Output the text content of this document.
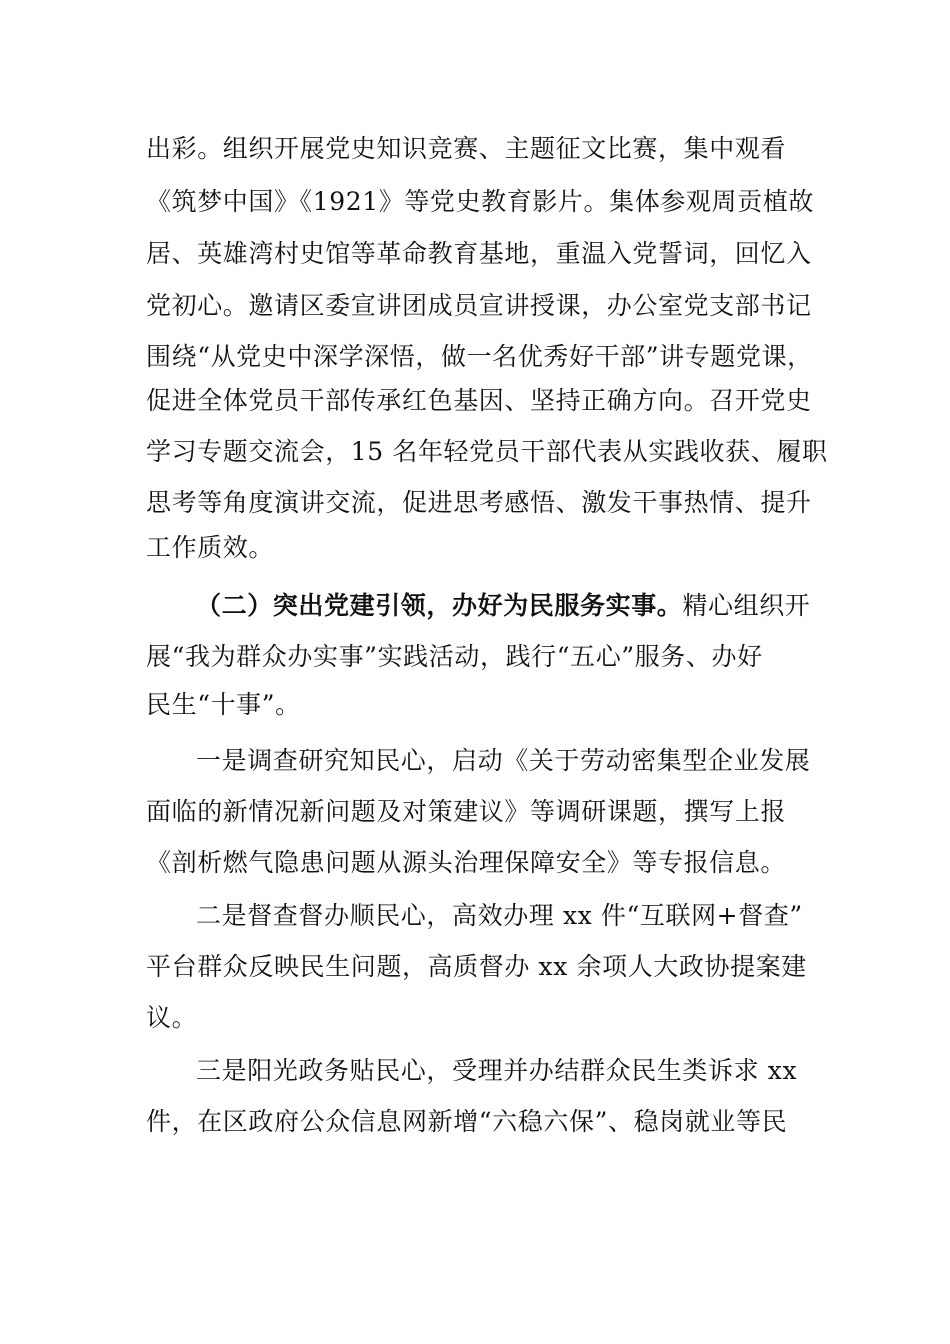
出彩。组织开展党史知识竞赛、主题征文比赛，集中观看
《筑梦中国》《1921》等党史教育影片。集体参观周贡植故
居、英雄湾村史馆等革命教育基地，重温入党誓词，回忆入
党初心。邀请区委宣讲团成员宣讲授课，办公室党支部书记
围绕“从党史中深学深悟，做一名优秀好干部”讲专题党课，
促进全体党员干部传承红色基因、坚持正确方向。召开党史
学习专题交流会，15 名年轻党员干部代表从实践收获、履职
思考等角度演讲交流，促进思考感悟、激发干事热情、提升
工作质效。
（二）突出党建引领，办好为民服务实事。精心组织开
展“我为群众办实事”实践活动，践行“五心”服务、办好
民生“十事”。
一是调查研究知民心，启动《关于劳动密集型企业发展
面临的新情况新问题及对策建议》等调研课题，撰写上报
《剖析燃气隐患问题从源头治理保障安全》等专报信息。
二是督查督办顺民心，高效办理 xx 件“互联网+督查”
平台群众反映民生问题，高质督办 xx 余项人大政协提案建
议。
三是阳光政务贴民心，受理并办结群众民生类诉求 xx
件，在区政府公众信息网新增“六稳六保”、稳岗就业等民
